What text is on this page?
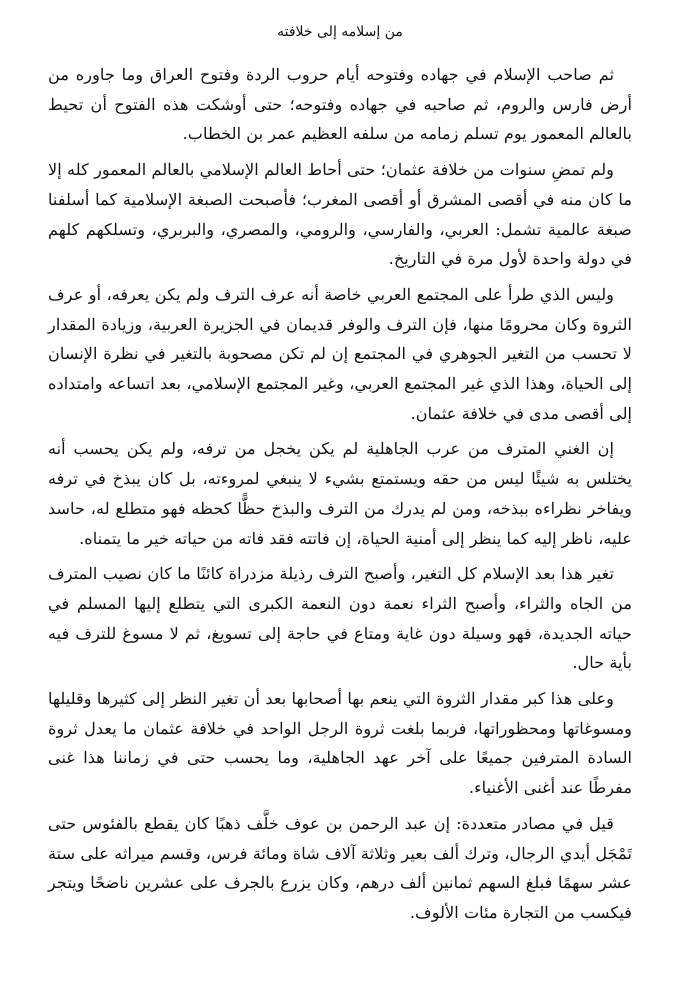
من إسلامه إلى خلافته

ثم صاحب الإسلام في جهاده وفتوحه أيام حروب الردة وفتوح العراق وما جاوره من أرض فارس والروم، ثم صاحبه في جهاده وفتوحه؛ حتى أوشكت هذه الفتوح أن تحيط بالعالم المعمور يوم تسلم زمامه من سلفه العظيم عمر بن الخطاب.

ولم تمضِ سنوات من خلافة عثمان؛ حتى أحاط العالم الإسلامي بالعالم المعمور كله إلا ما كان منه في أقصى المشرق أو أقصى المغرب؛ فأصبحت الصبغة الإسلامية كما أسلفنا صبغة عالمية تشمل: العربي، والفارسي، والرومي، والمصري، والبربري، وتسلكهم كلهم في دولة واحدة لأول مرة في التاريخ.

وليس الذي طرأ على المجتمع العربي خاصة أنه عرف الترف ولم يكن يعرفه، أو عرف الثروة وكان محرومًا منها، فإن الترف والوفر قديمان في الجزيرة العربية، وزيادة المقدار لا تحسب من التغير الجوهري في المجتمع إن لم تكن مصحوبة بالتغير في نظرة الإنسان إلى الحياة، وهذا الذي غير المجتمع العربي، وغير المجتمع الإسلامي، بعد اتساعه وامتداده إلى أقصى مدى في خلافة عثمان.

إن الغني المترف من عرب الجاهلية لم يكن يخجل من ترفه، ولم يكن يحسب أنه يختلس به شيئًا ليس من حقه ويستمتع بشيء لا ينبغي لمروءته، بل كان يبذخ في ترفه ويفاخر نظراءه ببذخه، ومن لم يدرك من الترف والبذخ حظًّا كحظه فهو متطلع له، حاسد عليه، ناظر إليه كما ينظر إلى أمنية الحياة، إن فاتته فقد فاته من حياته خير ما يتمناه.

تغير هذا بعد الإسلام كل التغير، وأصبح الترف رذيلة مزدراة كائنًا ما كان نصيب المترف من الجاه والثراء، وأصبح الثراء نعمة دون النعمة الكبرى التي يتطلع إليها المسلم في حياته الجديدة، فهو وسيلة دون غاية ومتاع في حاجة إلى تسويغ، ثم لا مسوغ للترف فيه بأية حال.

وعلى هذا كبر مقدار الثروة التي ينعم بها أصحابها بعد أن تغير النظر إلى كثيرها وقليلها ومسوغاتها ومحظوراتها، فربما بلغت ثروة الرجل الواحد في خلافة عثمان ما يعدل ثروة السادة المترفين جميعًا على آخر عهد الجاهلية، وما يحسب حتى في زماننا هذا غنى مفرطًا عند أغنى الأغنياء.

قيل في مصادر متعددة: إن عبد الرحمن بن عوف خلَّف ذهبًا كان يقطع بالفئوس حتى تَمْجَل أيدي الرجال، وترك ألف بعير وثلاثة آلاف شاة ومائة فرس، وقسم ميراثه على ستة عشر سهمًا فبلغ السهم ثمانين ألف درهم، وكان يزرع بالجرف على عشرين ناضحًا ويتجر فيكسب من التجارة مئات الألوف.
